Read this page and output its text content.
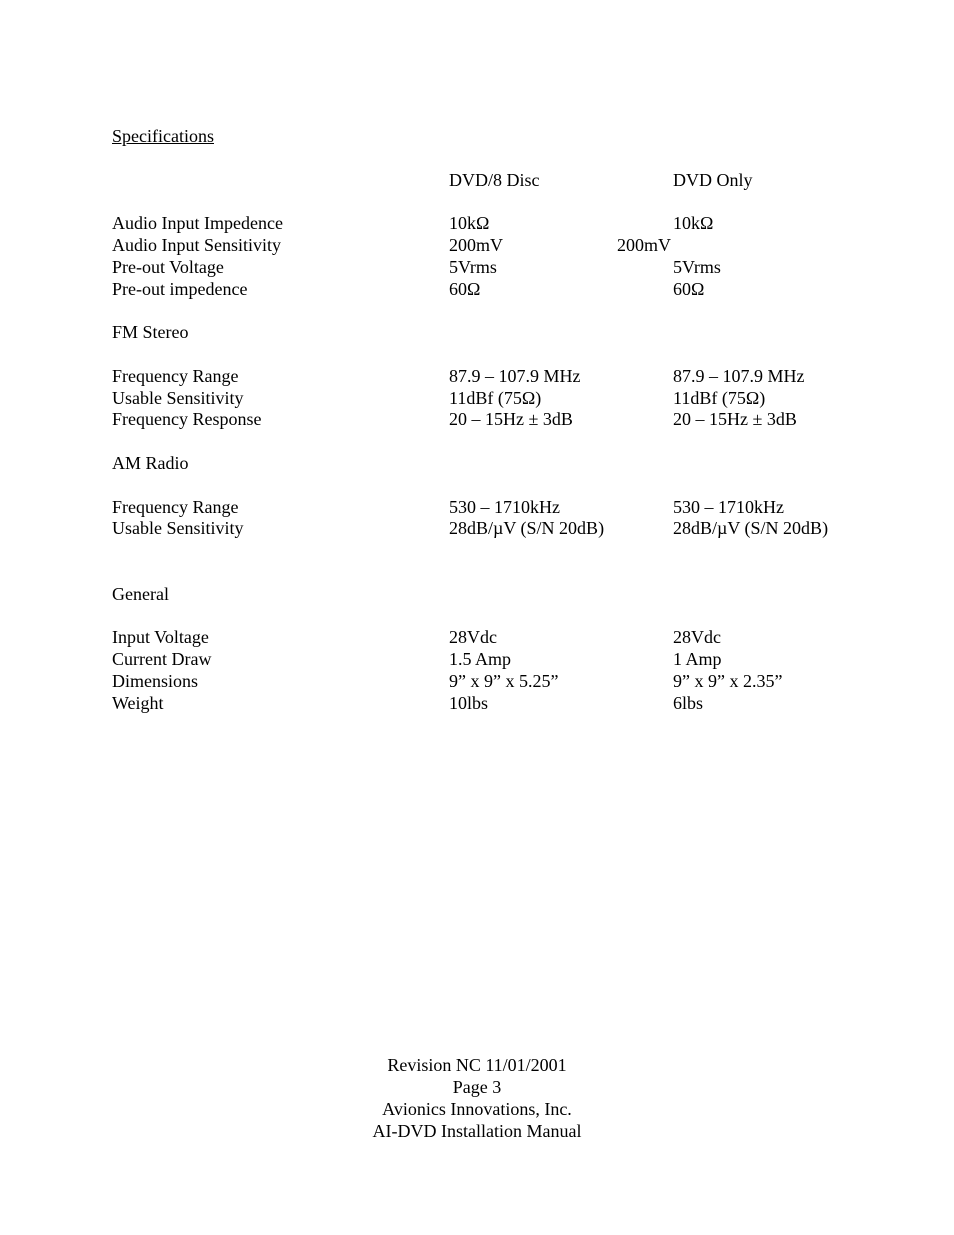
Specifications

DVD/8 Disc	DVD Only

Audio Input Impedence	10kΩ	10kΩ

Audio Input Sensitivity	200mV	200mV

Pre-out Voltage	5Vrms	5Vrms

Pre-out impedence	60Ω	60Ω

FM Stereo

Frequency Range	87.9 – 107.9 MHz	87.9 – 107.9 MHz

Usable Sensitivity	11dBf (75Ω)	11dBf (75Ω)

Frequency Response	20 – 15Hz ± 3dB	20 – 15Hz ± 3dB

AM Radio

Frequency Range	530 – 1710kHz	530 – 1710kHz

Usable Sensitivity	28dB/µV (S/N 20dB)	28dB/µV (S/N 20dB)

General

Input Voltage	28Vdc	28Vdc

Current Draw	1.5 Amp	1 Amp

Dimensions	9” x 9” x 5.25”	9” x 9” x 2.35”

Weight	10lbs	6lbs

Revision NC 11/01/2001
Page 3
Avionics Innovations, Inc.
AI-DVD Installation Manual
